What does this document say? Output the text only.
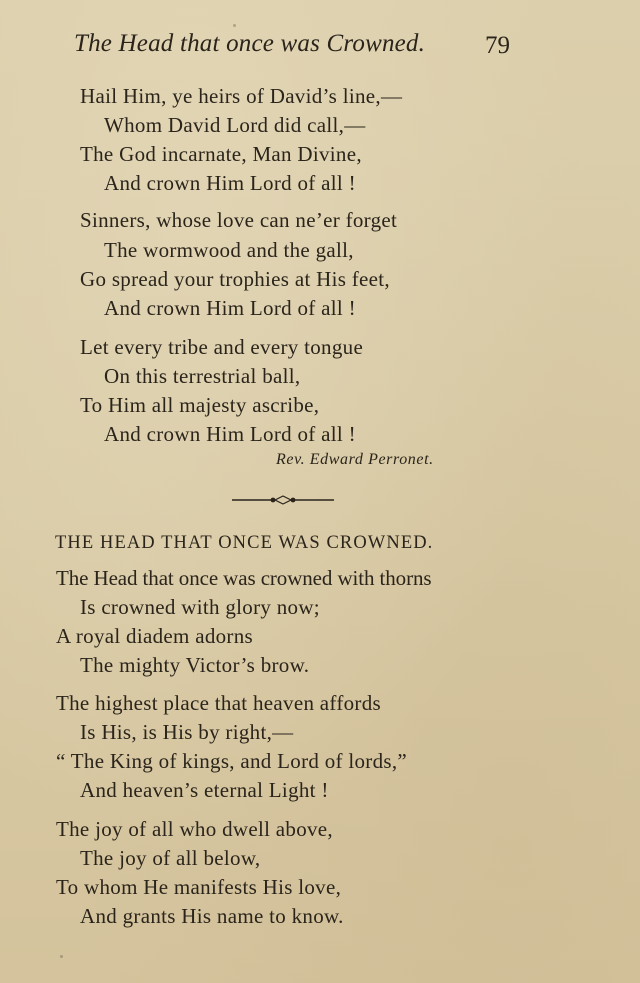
The Head that once was Crowned. 79
Hail Him, ye heirs of David’s line,—
Whom David Lord did call,—
The God incarnate, Man Divine,
And crown Him Lord of all !
Sinners, whose love can ne’er forget
The wormwood and the gall,
Go spread your trophies at His feet,
And crown Him Lord of all !
Let every tribe and every tongue
On this terrestrial ball,
To Him all majesty ascribe,
And crown Him Lord of all !
Rev. Edward Perronet.
THE HEAD THAT ONCE WAS CROWNED.
The Head that once was crowned with thorns
Is crowned with glory now;
A royal diadem adorns
The mighty Victor’s brow.
The highest place that heaven affords
Is His, is His by right,—
“ The King of kings, and Lord of lords,”
And heaven’s eternal Light !
The joy of all who dwell above,
The joy of all below,
To whom He manifests His love,
And grants His name to know.
